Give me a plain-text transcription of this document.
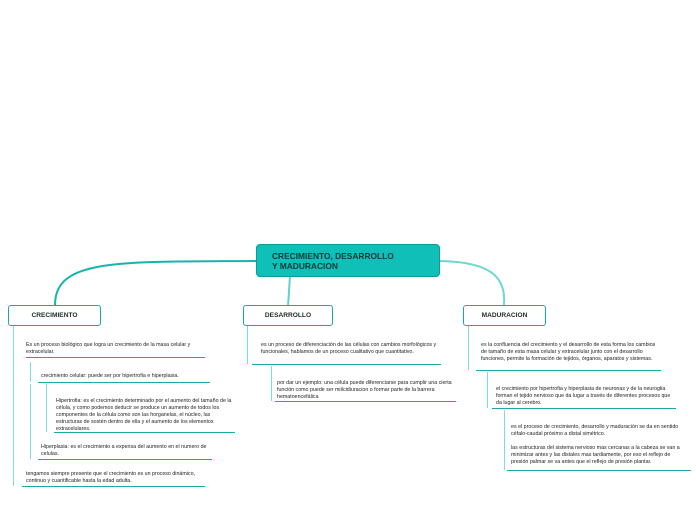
CRECIMIENTO, DESARROLLO
Y MADURACION
CRECIMIENTO	DESARROLLO	MADURACION
Es un proceso biológico que logra un crecimiento de la masa celular y extracelular.
crecimiento celular: puede ser por hipertrofia e hiperplasia.
Hipertrofia: es el crecimiento determinado por el aumento del tamaño de la célula, y como podemos deducir se produce un aumento de todos los componentes de la célula como son las horganelas, el núcleo, las estructuras de sostén dentro de ella y el aumento de los elementos extracelulares.
Hiperplasia: es el crecimiento a expensa del aumento en el numero de celulas.
tengamos siempre presente que el crecimiento es un proceso dinámico, continuo y cuantificable hasta la edad adulta.
es un proceso de diferenciación de las células con cambios morfológicos y funcionales, hablamos de un proceso cualitativo que cuantitativo.
por dar un ejemplo: una célula puede diferenciarse para cumplir una cierta función como puede ser miilcidiuracion o formar parte de la barrera hematoencefálica
es la confluencia del crecimiento y el desarrollo de esta forma los cambios de tamaño de esta masa celular y extracelular junto con el desarrollo funciones, permite la formación de tejidos, órganos, aparatos y sistemas.
el crecimiento por hipertrofia y hiperplasia de neuronas y de la neuroglia forman el tejido nervioso que da lugar a través de diferentes procesos que da lugar al cerebro.
es el proceso de crecimiento, desarrollo y maduración se da en sentido céfalo-caudal próximo a distal simétrico.

las estructuras del sistema nervioso mas cercanas a la cabeza se van a minimizar antes y las distales mas tardiamente, por eso el reflejo de presión palmar se va antes que el reflejo de presión plantar.
